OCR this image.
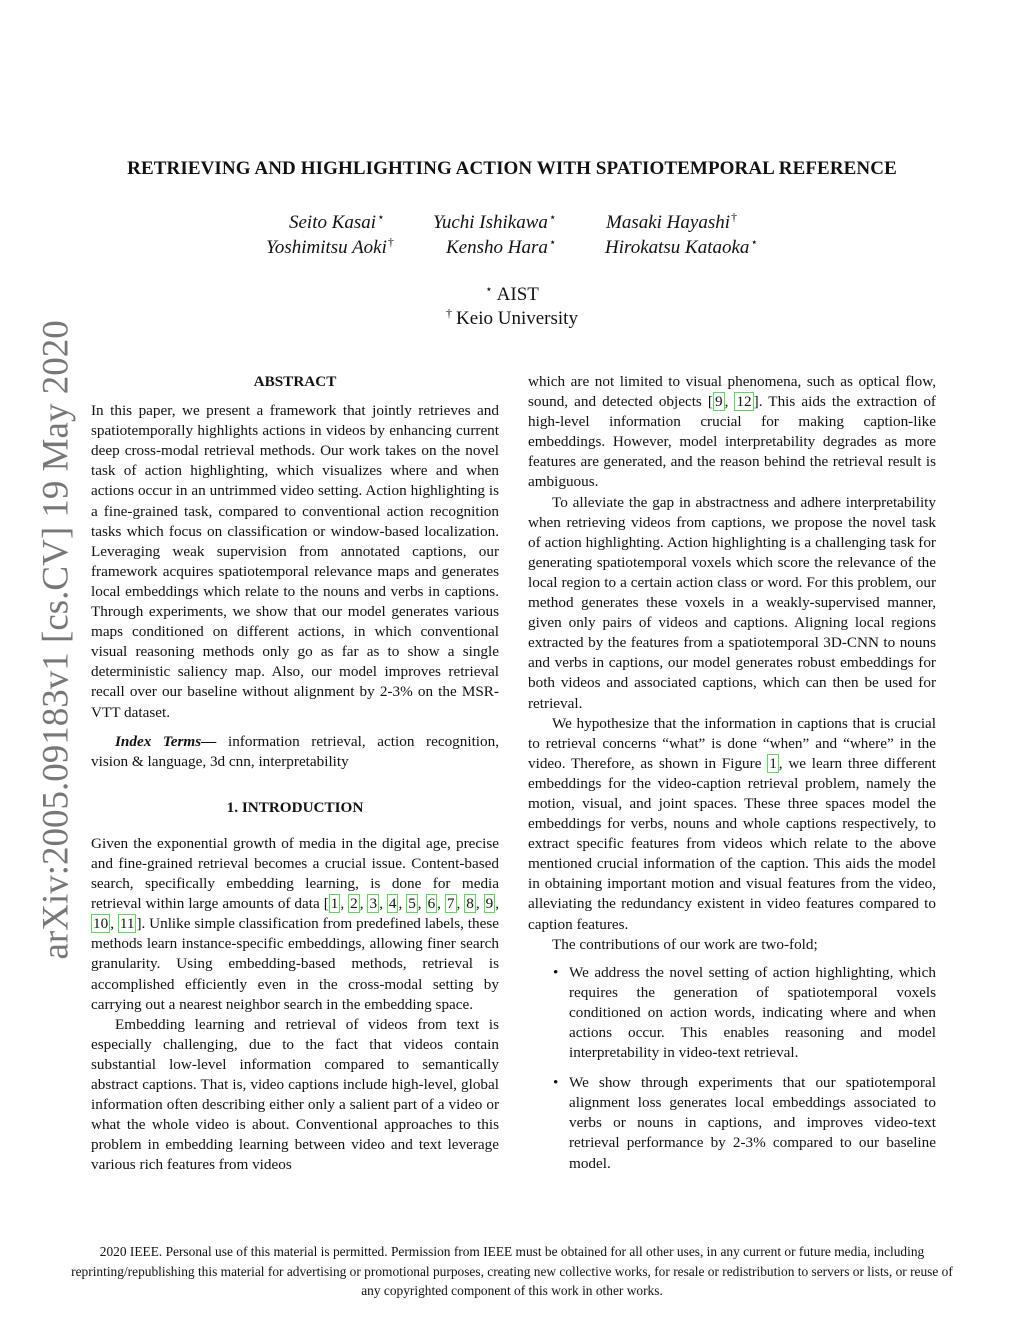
arXiv:2005.09183v1 [cs.CV] 19 May 2020
RETRIEVING AND HIGHLIGHTING ACTION WITH SPATIOTEMPORAL REFERENCE
Seito Kasai⋆	Yuchi Ishikawa⋆	Masaki Hayashi†
Yoshimitsu Aoki†	Kensho Hara⋆	Hirokatsu Kataoka⋆
⋆ AIST
† Keio University
ABSTRACT

In this paper, we present a framework that jointly retrieves and spatiotemporally highlights actions in videos by enhancing current deep cross-modal retrieval methods. Our work takes on the novel task of action highlighting, which visualizes where and when actions occur in an untrimmed video setting. Action highlighting is a fine-grained task, compared to conventional action recognition tasks which focus on classification or window-based localization. Leveraging weak supervision from annotated captions, our framework acquires spatiotemporal relevance maps and generates local embeddings which relate to the nouns and verbs in captions. Through experiments, we show that our model generates various maps conditioned on different actions, in which conventional visual reasoning methods only go as far as to show a single deterministic saliency map. Also, our model improves retrieval recall over our baseline without alignment by 2-3% on the MSR-VTT dataset.

Index Terms— information retrieval, action recognition, vision & language, 3d cnn, interpretability

1. INTRODUCTION

Given the exponential growth of media in the digital age, precise and fine-grained retrieval becomes a crucial issue. Content-based search, specifically embedding learning, is done for media retrieval within large amounts of data [ 1 , 2 , 3 , 4 , 5 , 6 , 7 , 8 , 9 , 10 , 11 ]. Unlike simple classification from predefined labels, these methods learn instance-specific embeddings, allowing finer search granularity. Using embedding-based methods, retrieval is accomplished efficiently even in the cross-modal setting by carrying out a nearest neighbor search in the embedding space.

Embedding learning and retrieval of videos from text is especially challenging, due to the fact that videos contain substantial low-level information compared to semantically abstract captions. That is, video captions include high-level, global information often describing either only a salient part of a video or what the whole video is about. Conventional approaches to this problem in embedding learning between video and text leverage various rich features from videos

which are not limited to visual phenomena, such as optical flow, sound, and detected objects [ 9 , 12 ]. This aids the extraction of high-level information crucial for making caption-like embeddings. However, model interpretability degrades as more features are generated, and the reason behind the retrieval result is ambiguous.

To alleviate the gap in abstractness and adhere interpretability when retrieving videos from captions, we propose the novel task of action highlighting. Action highlighting is a challenging task for generating spatiotemporal voxels which score the relevance of the local region to a certain action class or word. For this problem, our method generates these voxels in a weakly-supervised manner, given only pairs of videos and captions. Aligning local regions extracted by the features from a spatiotemporal 3D-CNN to nouns and verbs in captions, our model generates robust embeddings for both videos and associated captions, which can then be used for retrieval.

We hypothesize that the information in captions that is crucial to retrieval concerns “what” is done “when” and “where” in the video. Therefore, as shown in Figure 1 , we learn three different embeddings for the video-caption retrieval problem, namely the motion, visual, and joint spaces. These three spaces model the embeddings for verbs, nouns and whole captions respectively, to extract specific features from videos which relate to the above mentioned crucial information of the caption. This aids the model in obtaining important motion and visual features from the video, alleviating the redundancy existent in video features compared to caption features.

The contributions of our work are two-fold;

• We address the novel setting of action highlighting, which requires the generation of spatiotemporal voxels conditioned on action words, indicating where and when actions occur. This enables reasoning and model interpretability in video-text retrieval.
• We show through experiments that our spatiotemporal alignment loss generates local embeddings associated to verbs or nouns in captions, and improves video-text retrieval performance by 2-3% compared to our baseline model.
2020 IEEE. Personal use of this material is permitted. Permission from IEEE must be obtained for all other uses, in any current or future media, including reprinting/republishing this material for advertising or promotional purposes, creating new collective works, for resale or redistribution to servers or lists, or reuse of any copyrighted component of this work in other works.
